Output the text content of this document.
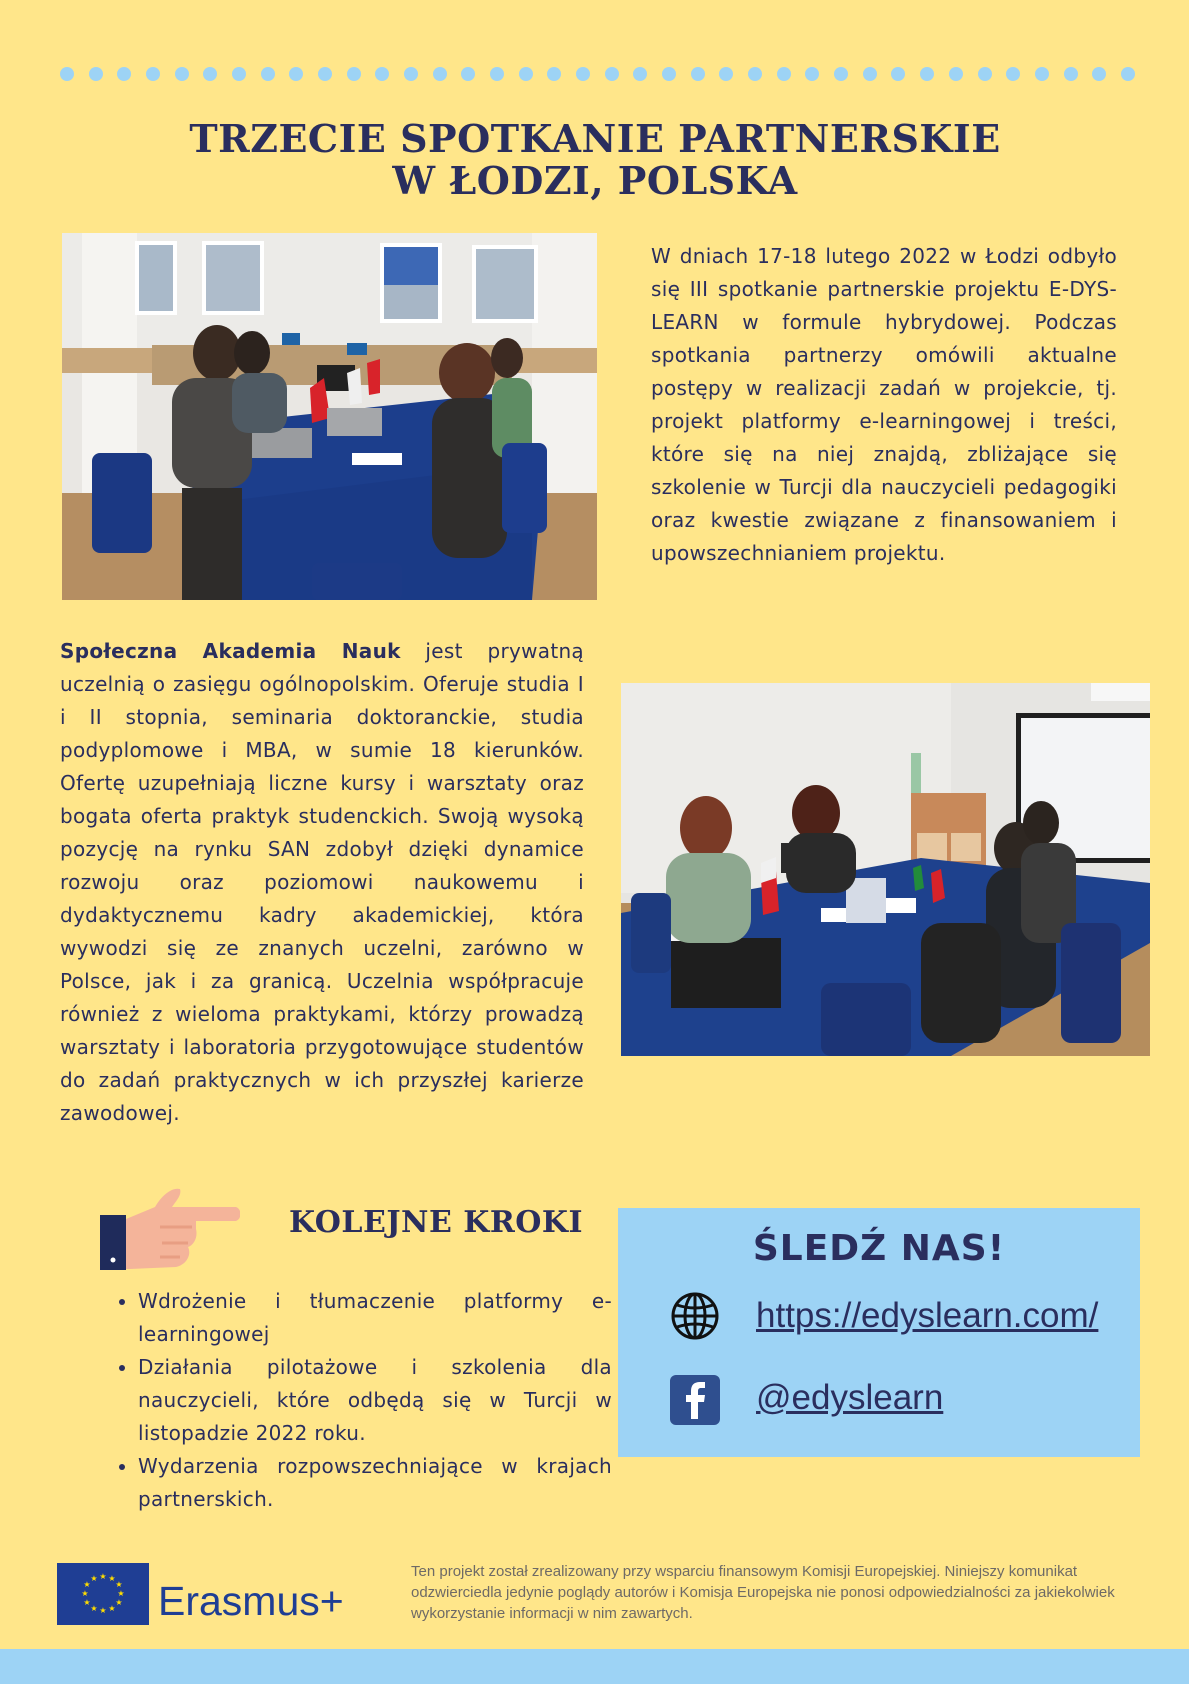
TRZECIE SPOTKANIE PARTNERSKIE
W ŁODZI, POLSKA
W dniach 17-18 lutego 2022 w Łodzi odbyło się III spotkanie partnerskie projektu E-DYS-LEARN w formule hybrydowej. Podczas spotkania partnerzy omówili aktualne postępy w realizacji zadań w projekcie, tj. projekt platformy e-learningowej i treści, które się na niej znajdą, zbliżające się szkolenie w Turcji dla nauczycieli pedagogiki oraz kwestie związane z finansowaniem i upowszechnianiem projektu.
Społeczna Akademia Nauk jest prywatną uczelnią o zasięgu ogólnopolskim. Oferuje studia I i II stopnia, seminaria doktoranckie, studia podyplomowe i MBA, w sumie 18 kierunków. Ofertę uzupełniają liczne kursy i warsztaty oraz bogata oferta praktyk studenckich. Swoją wysoką pozycję na rynku SAN zdobył dzięki dynamice rozwoju oraz poziomowi naukowemu i dydaktycznemu kadry akademickiej, która wywodzi się ze znanych uczelni, zarówno w Polsce, jak i za granicą. Uczelnia współpracuje również z wieloma praktykami, którzy prowadzą warsztaty i laboratoria przygotowujące studentów do zadań praktycznych w ich przyszłej karierze zawodowej.
KOLEJNE KROKI
• Wdrożenie i tłumaczenie platformy e-learningowej
• Działania pilotażowe i szkolenia dla nauczycieli, które odbędą się w Turcji w listopadzie 2022 roku.
• Wydarzenia rozpowszechniające w krajach partnerskich.
ŚLEDŹ NAS!
https://edyslearn.com/
@edyslearn
★ ★
★
★
★
★
★
★
★
★
★
★ Erasmus+
Ten projekt został zrealizowany przy wsparciu finansowym Komisji Europejskiej. Niniejszy komunikat odzwierciedla jedynie poglądy autorów i Komisja Europejska nie ponosi odpowiedzialności za jakiekolwiek wykorzystanie informacji w nim zawartych.
